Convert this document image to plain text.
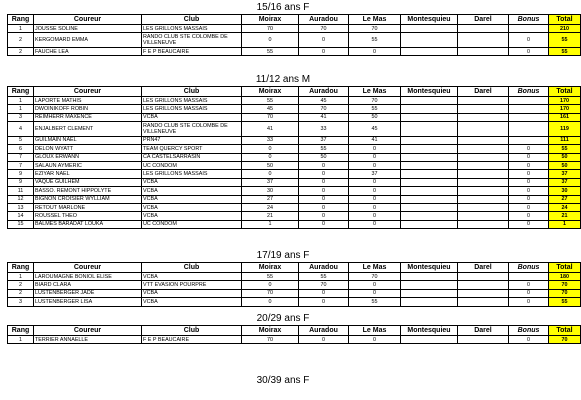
15/16 ans F
Rang	Coureur	Club	Moirax	Auradou	Le Mas	Montesquieu	Darel	Bonus	Total
1	JOUSSE SOLINE	LES GRILLONS MASSAIS	70	70	70				210
2	KERGOMARD EMMA	RANDO CLUB STE COLOMBE DE VILLENEUVE	0	0	55			0	55
2	FAUCHE LEA	F E P BEAUCAIRE	55	0	0			0	55
11/12 ans M
Rang	Coureur	Club	Moirax	Auradou	Le Mas	Montesquieu	Darel	Bonus	Total
1	LAPORTE MATHIS	LES GRILLONS MASSAIS	55	45	70				170
1	DWOINIKOFF ROBIN	LES GRILLONS MASSAIS	45	70	55				170
3	REIMHERR MAXENCE	VCBA	70	41	50				161
4	ENJALBERT CLEMENT	RANDO CLUB STE COLOMBE DE VILLENEUVE	41	33	45				119
5	GUILMAIN NAEL	PRN47	33	37	41				111
6	DELON WYATT	TEAM QUERCY SPORT	0	55	0			0	55
7	GLOUX ERWANN	CA CASTELSARRASIN	0	50	0			0	50
7	SALAUN AYMERIC	UC CONDOM	50	0	0			0	50
9	EZIYAR NAEL	LES GRILLONS MASSAIS	0	0	37			0	37
9	VAQUE GUILHEM	VCBA	37	0	0			0	37
11	BASSO. REMONT HIPPOLYTE	VCBA	30	0	0			0	30
12	BIGNON CROISIER WYLLIAM	VCBA	27	0	0			0	27
13	RETOUT MARLONE	VCBA	24	0	0			0	24
14	ROUSSEL THEO	VCBA	21	0	0			0	21
15	BALMES BARADAT LOUKA	UC CONDOM	1	0	0			0	1
17/19 ans F
Rang	Coureur	Club	Moirax	Auradou	Le Mas	Montesquieu	Darel	Bonus	Total
1	LAROUMAGNE BONIOL ELISE	VCBA	55	55	70				180
2	BIARD CLARA	VTT EVASION POURPRE	0	70	0			0	70
2	LUSTENBERGER JADE	VCBA	70	0	0			0	70
3	LUSTENBERGER LISA	VCBA	0	0	55			0	55
20/29 ans F
Rang	Coureur	Club	Moirax	Auradou	Le Mas	Montesquieu	Darel	Bonus	Total
1	TERRIER ANNAELLE	F E P BEAUCAIRE	70	0	0			0	70
30/39 ans F
